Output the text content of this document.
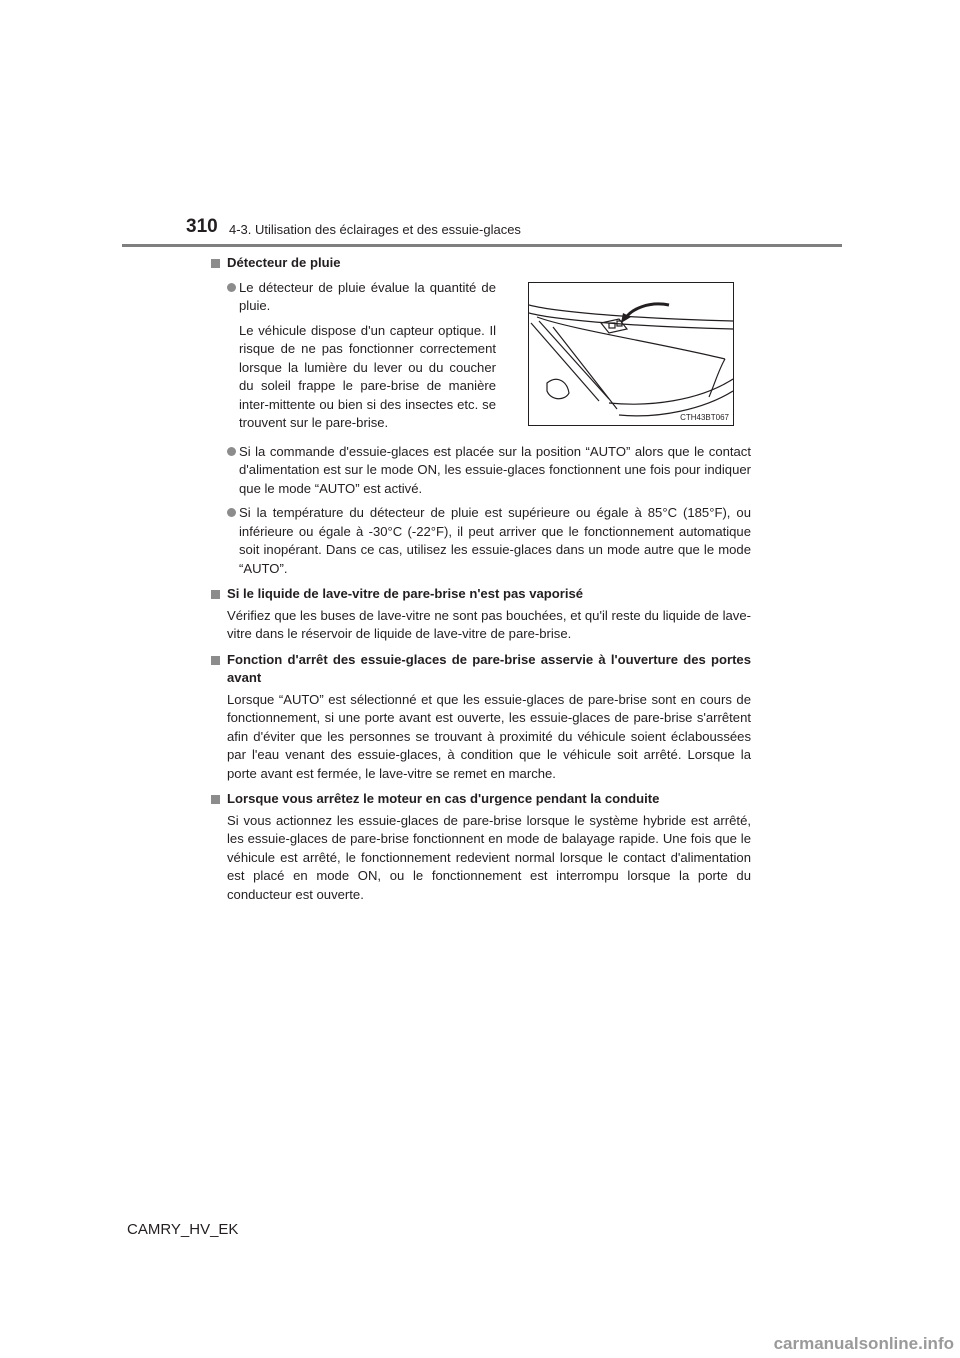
310 4-3. Utilisation des éclairages et des essuie-glaces
CTH43BT067
Détecteur de pluie
Le détecteur de pluie évalue la quantité de pluie.
Le véhicule dispose d'un capteur optique. Il risque de ne pas fonctionner correctement lorsque la lumière du lever ou du coucher du soleil frappe le pare-brise de manière inter-mittente ou bien si des insectes etc. se trouvent sur le pare-brise.
Si la commande d'essuie-glaces est placée sur la position “AUTO” alors que le contact d'alimentation est sur le mode ON, les essuie-glaces fonctionnent une fois pour indiquer que le mode “AUTO” est activé.
Si la température du détecteur de pluie est supérieure ou égale à 85°C (185°F), ou inférieure ou égale à -30°C (-22°F), il peut arriver que le fonctionnement automatique soit inopérant. Dans ce cas, utilisez les essuie-glaces dans un mode autre que le mode “AUTO”.
Si le liquide de lave-vitre de pare-brise n'est pas vaporisé
Vérifiez que les buses de lave-vitre ne sont pas bouchées, et qu'il reste du liquide de lave-vitre dans le réservoir de liquide de lave-vitre de pare-brise.
Fonction d'arrêt des essuie-glaces de pare-brise asservie à l'ouverture des portes avant
Lorsque “AUTO” est sélectionné et que les essuie-glaces de pare-brise sont en cours de fonctionnement, si une porte avant est ouverte, les essuie-glaces de pare-brise s'arrêtent afin d'éviter que les personnes se trouvant à proximité du véhicule soient éclaboussées par l'eau venant des essuie-glaces, à condition que le véhicule soit arrêté. Lorsque la porte avant est fermée, le lave-vitre se remet en marche.
Lorsque vous arrêtez le moteur en cas d'urgence pendant la conduite
Si vous actionnez les essuie-glaces de pare-brise lorsque le système hybride est arrêté, les essuie-glaces de pare-brise fonctionnent en mode de balayage rapide. Une fois que le véhicule est arrêté, le fonctionnement redevient normal lorsque le contact d'alimentation est placé en mode ON, ou le fonctionnement est interrompu lorsque la porte du conducteur est ouverte.
CAMRY_HV_EK
carmanualsonline.info
